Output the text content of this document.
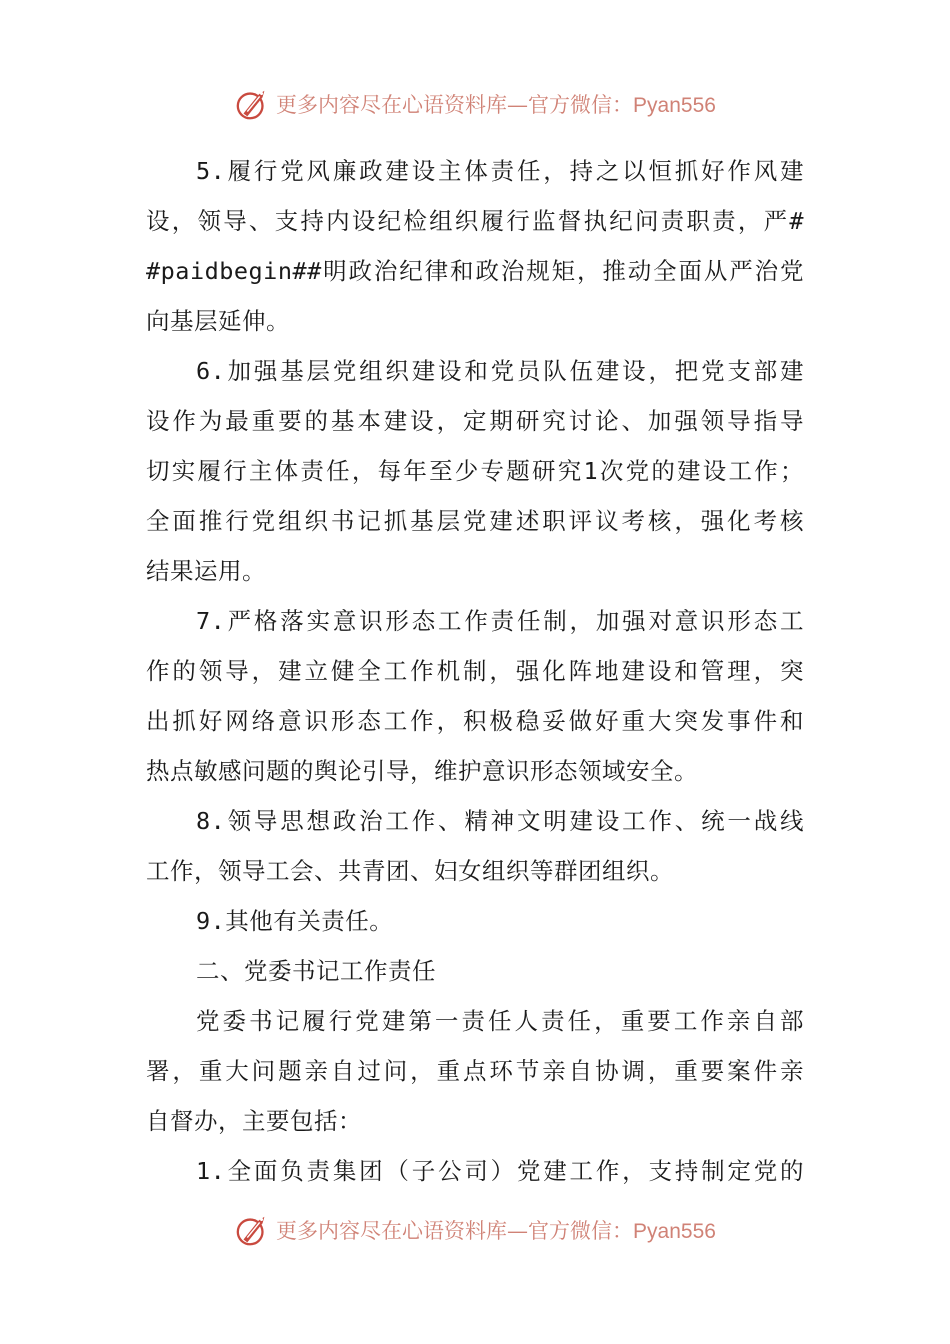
更多内容尽在心语资料库—官方微信：Pyan556
5.履行党风廉政建设主体责任，持之以恒抓好作风建
设，领导、支持内设纪检组织履行监督执纪问责职责，严#
#paidbegin##明政治纪律和政治规矩，推动全面从严治党
向基层延伸。
6.加强基层党组织建设和党员队伍建设，把党支部建
设作为最重要的基本建设，定期研究讨论、加强领导指导
切实履行主体责任，每年至少专题研究1次党的建设工作；
全面推行党组织书记抓基层党建述职评议考核，强化考核
结果运用。
7.严格落实意识形态工作责任制，加强对意识形态工
作的领导，建立健全工作机制，强化阵地建设和管理，突
出抓好网络意识形态工作，积极稳妥做好重大突发事件和
热点敏感问题的舆论引导，维护意识形态领域安全。
8.领导思想政治工作、精神文明建设工作、统一战线
工作，领导工会、共青团、妇女组织等群团组织。
9.其他有关责任。
二、党委书记工作责任
党委书记履行党建第一责任人责任，重要工作亲自部
署，重大问题亲自过问，重点环节亲自协调，重要案件亲
自督办，主要包括：
1.全面负责集团（子公司）党建工作，支持制定党的
更多内容尽在心语资料库—官方微信：Pyan556
